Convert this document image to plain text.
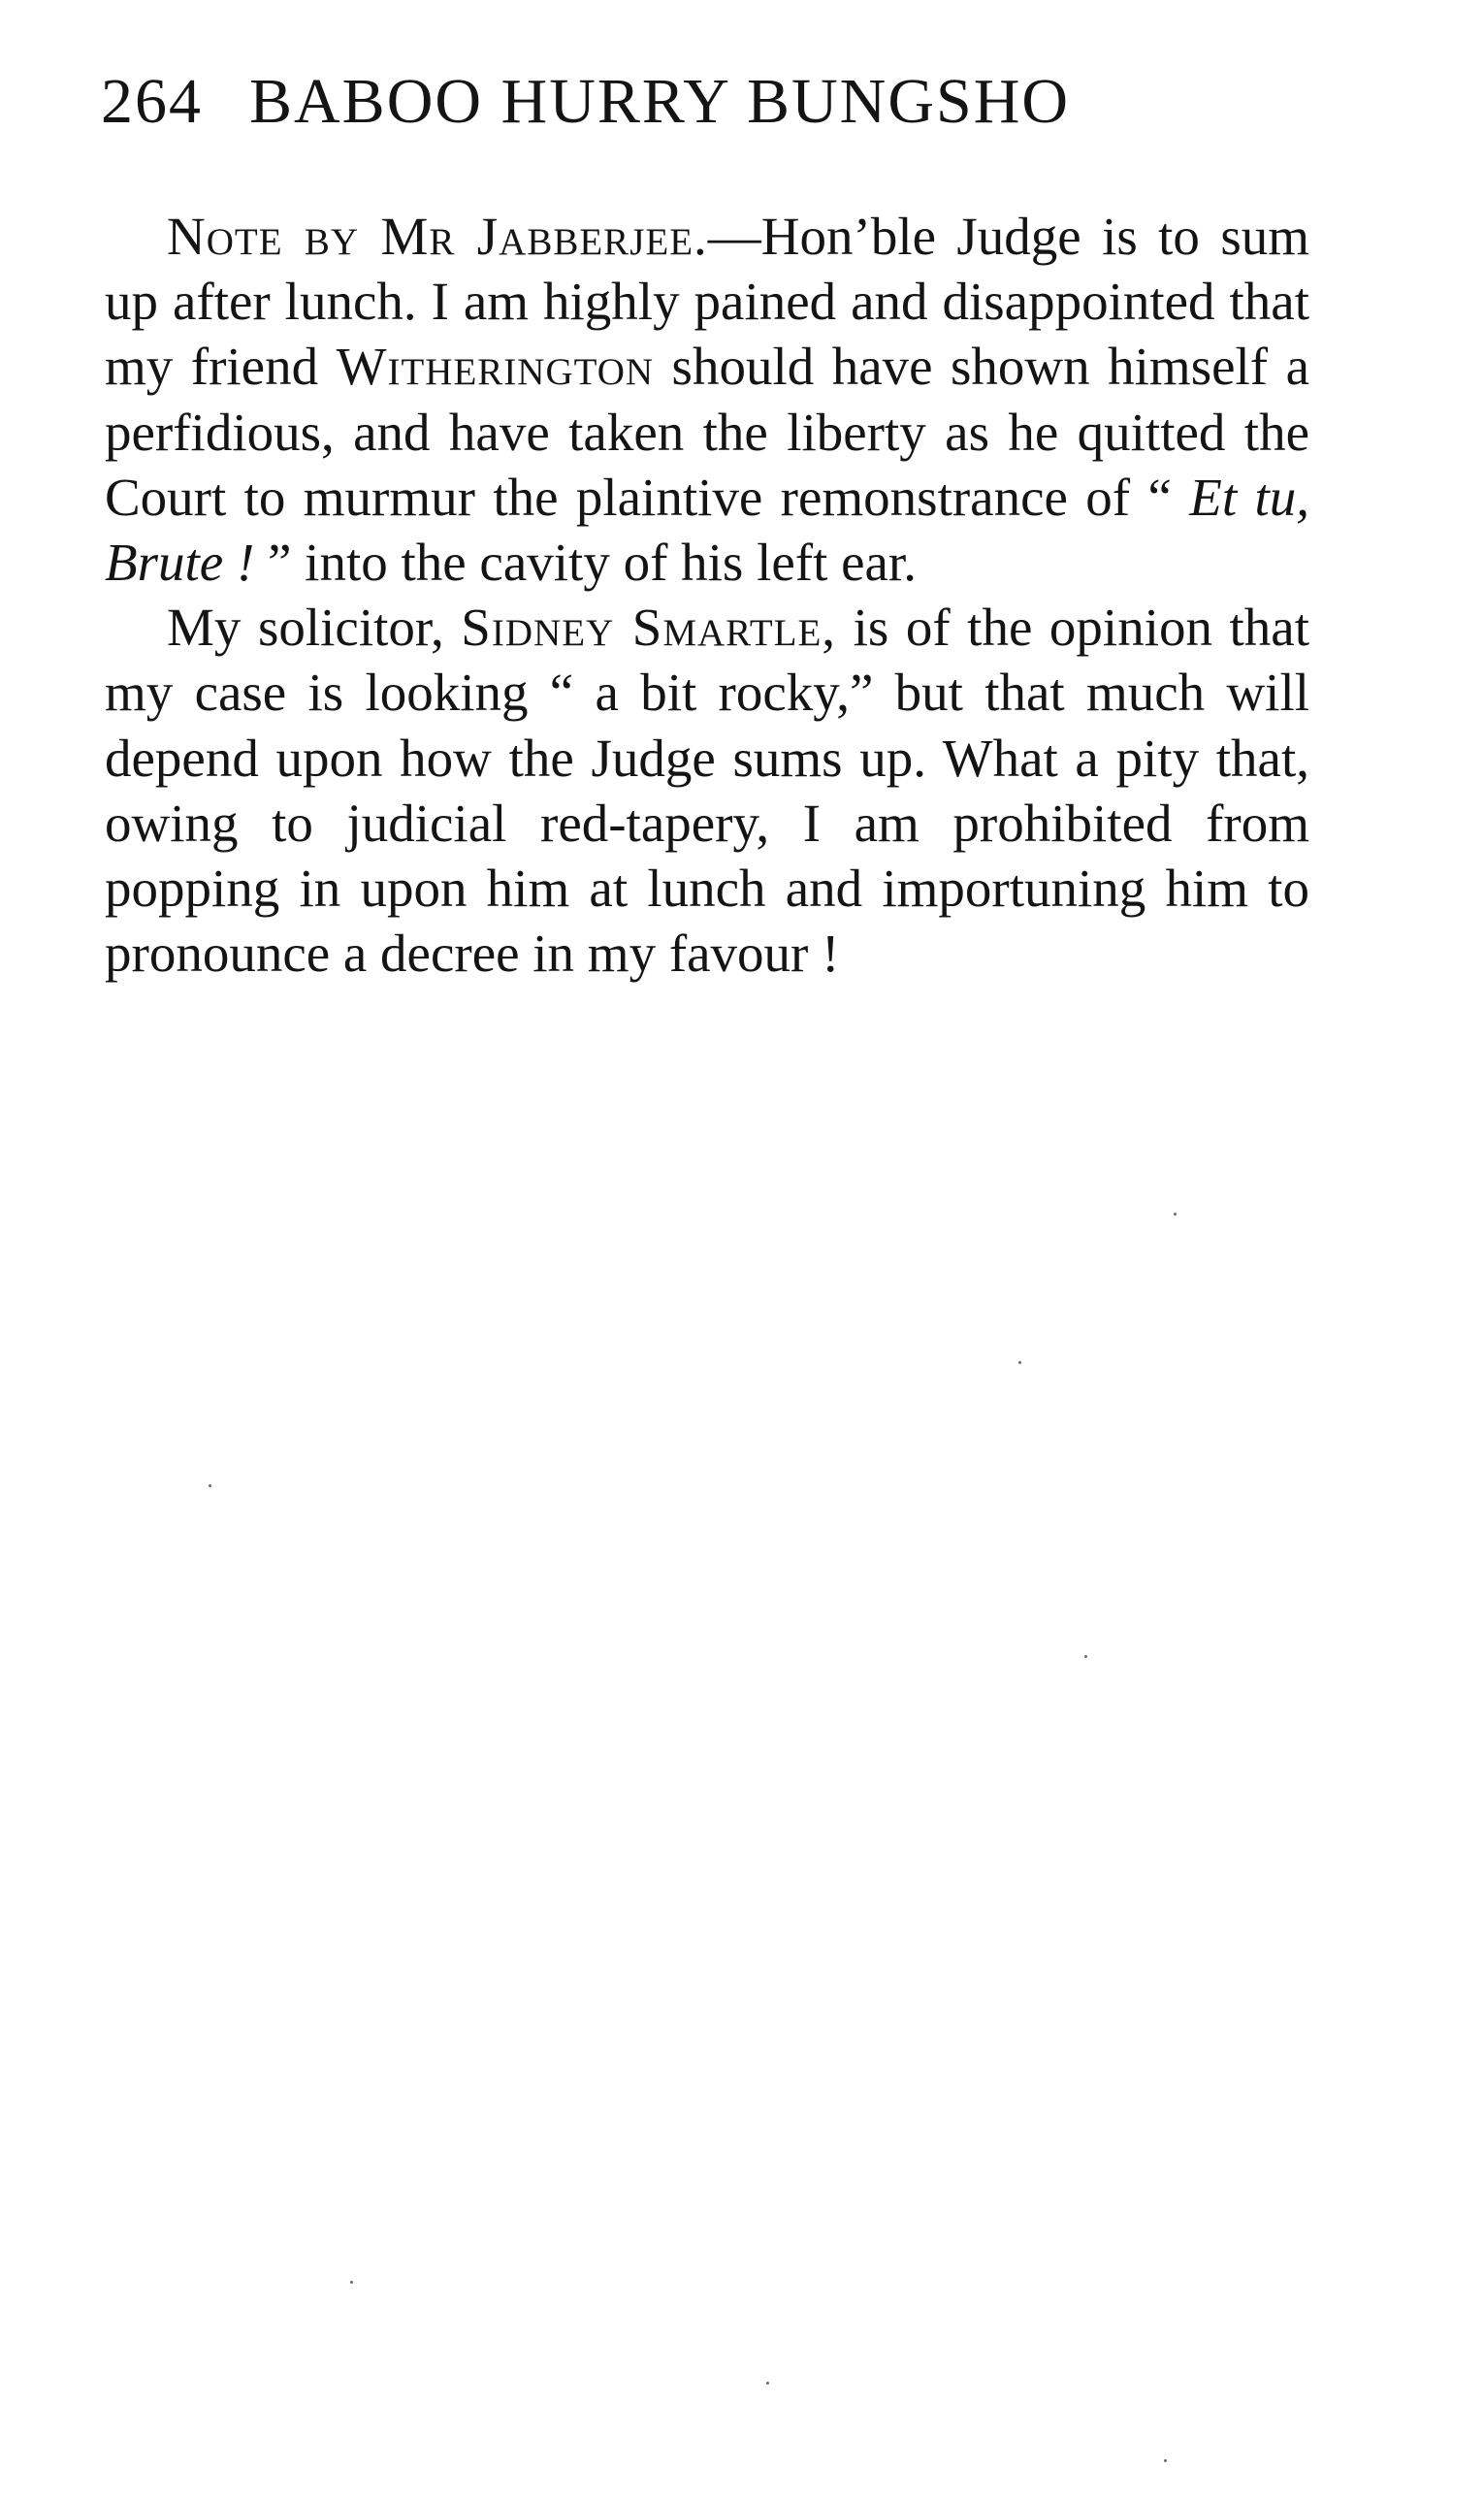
264 BABOO HURRY BUNGSHO

Note by Mr Jabberjee.—Hon’ble Judge is to sum up after lunch. I am highly pained and disappointed that my friend Witherington should have shown himself a perfidious, and have taken the liberty as he quitted the Court to murmur the plaintive remonstrance of “ Et tu, Brute ! ” into the cavity of his left ear.

My solicitor, Sidney Smartle, is of the opinion that my case is looking “ a bit rocky,” but that much will depend upon how the Judge sums up. What a pity that, owing to judicial red-tapery, I am prohibited from popping in upon him at lunch and importuning him to pronounce a decree in my favour !
